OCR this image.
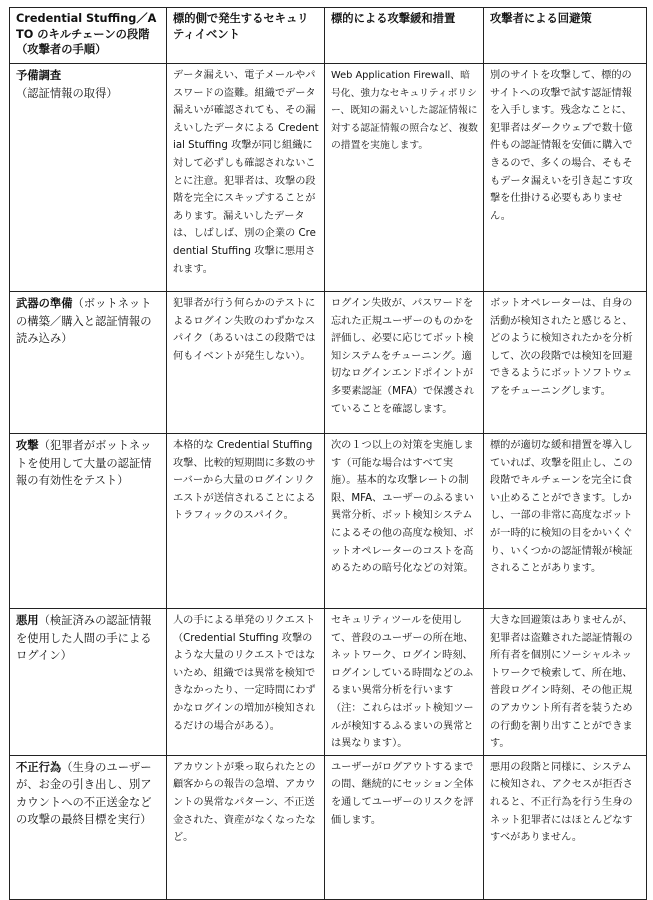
Credential Stuffing／ATO のキルチェーンの段階（攻撃者の手順）	標的側で発生するセキュリティイベント	標的による攻撃緩和措置	攻撃者による回避策
予備調査（認証情報の取得）	データ漏えい、電子メールやパスワードの盗難。組織でデータ漏えいが確認されても、その漏えいしたデータによる Credential Stuffing 攻撃が同じ組織に対して必ずしも確認されないことに注意。犯罪者は、攻撃の段階を完全にスキップすることがあります。漏えいしたデータは、しばしば、別の企業の Credential Stuffing 攻撃に悪用されます。	Web Application Firewall、暗号化、強力なセキュリティポリシー、既知の漏えいした認証情報に対する認証情報の照合など、複数の措置を実施します。	別のサイトを攻撃して、標的のサイトへの攻撃で試す認証情報を入手します。残念なことに、犯罪者はダークウェブで数十億件もの認証情報を安価に購入できるので、多くの場合、そもそもデータ漏えいを引き起こす攻撃を仕掛ける必要もありません。
武器の準備（ボットネットの構築／購入と認証情報の読み込み）	犯罪者が行う何らかのテストによるログイン失敗のわずかなスパイク（あるいはこの段階では何もイベントが発生しない）。	ログイン失敗が、パスワードを忘れた正規ユーザーのものかを評価し、必要に応じてボット検知システムをチューニング。適切なログインエンドポイントが多要素認証（MFA）で保護されていることを確認します。	ボットオペレーターは、自身の活動が検知されたと感じると、どのように検知されたかを分析して、次の段階では検知を回避できるようにボットソフトウェアをチューニングします。
攻撃（犯罪者がボットネットを使用して大量の認証情報の有効性をテスト）	本格的な Credential Stuffing 攻撃、比較的短期間に多数のサーバーから大量のログインリクエストが送信されることによるトラフィックのスパイク。	次の１つ以上の対策を実施します（可能な場合はすべて実施）。基本的な攻撃レートの制限、MFA、ユーザーのふるまい異常分析、ボット検知システムによるその他の高度な検知、ボットオペレーターのコストを高めるための暗号化などの対策。	標的が適切な緩和措置を導入していれば、攻撃を阻止し、この段階でキルチェーンを完全に食い止めることができます。しかし、一部の非常に高度なボットが一時的に検知の目をかいくぐり、いくつかの認証情報が検証されることがあります。
悪用（検証済みの認証情報を使用した人間の手によるログイン）	人の手による単発のリクエスト（Credential Stuffing 攻撃のような大量のリクエストではないため、組織では異常を検知できなかったり、一定時間にわずかなログインの増加が検知されるだけの場合がある）。	セキュリティツールを使用して、普段のユーザーの所在地、ネットワーク、ログイン時刻、ログインしている時間などのふるまい異常分析を行います（注：これらはボット検知ツールが検知するふるまいの異常とは異なります）。	大きな回避策はありませんが、犯罪者は盗難された認証情報の所有者を個別にソーシャルネットワークで検索して、所在地、普段ログイン時刻、その他正規のアカウント所有者を装うための行動を割り出すことができます。
不正行為（生身のユーザーが、お金の引き出し、別アカウントへの不正送金などの攻撃の最終目標を実行）	アカウントが乗っ取られたとの顧客からの報告の急増、アカウントの異常なパターン、不正送金された、資産がなくなったなど。	ユーザーがログアウトするまでの間、継続的にセッション全体を通してユーザーのリスクを評価します。	悪用の段階と同様に、システムに検知され、アクセスが拒否されると、不正行為を行う生身のネット犯罪者にはほとんどなすすべがありません。
